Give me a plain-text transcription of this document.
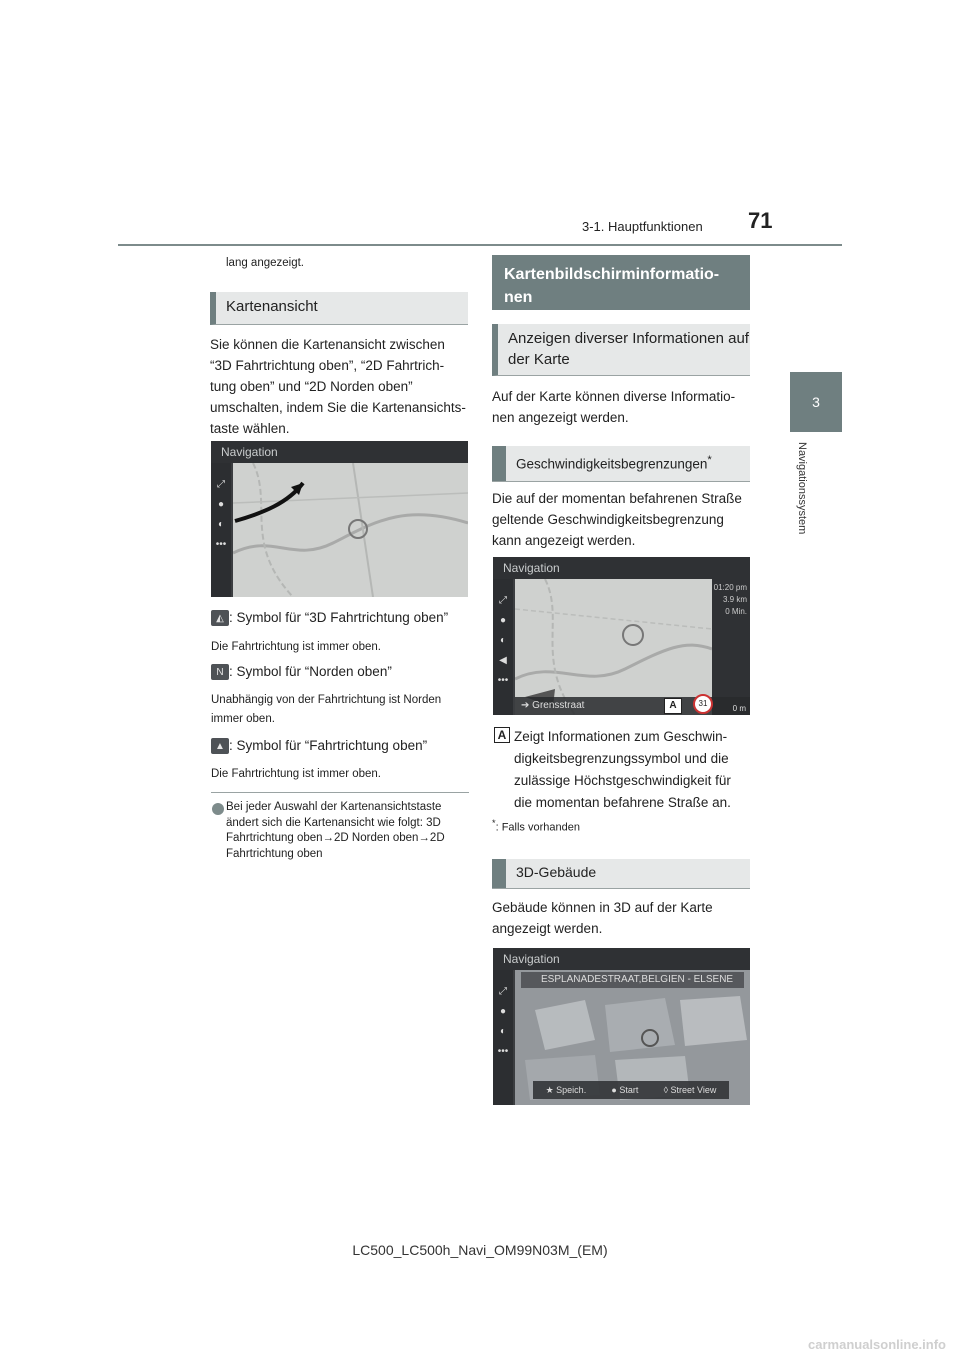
3-1. Hauptfunktionen 71
3
Navigationssystem
lang angezeigt.
Kartenansicht
Sie können die Kartenansicht zwischen “3D Fahrtrichtung oben”, “2D Fahrtrich-tung oben” und “2D Norden oben” umschalten, indem Sie die Kartenansichts-taste wählen.
Navigation
⤢
●
◐
•••
◭ : Symbol für “3D Fahrtrichtung oben”
Die Fahrtrichtung ist immer oben.
N : Symbol für “Norden oben”
Unabhängig von der Fahrtrichtung ist Norden immer oben.
▲ : Symbol für “Fahrtrichtung oben”
Die Fahrtrichtung ist immer oben.
Bei jeder Auswahl der Kartenansichtstaste ändert sich die Kartenansicht wie folgt: 3D Fahrtrichtung oben→2D Norden oben→2D Fahrtrichtung oben
Kartenbildschirminformatio-nen
Anzeigen diverser Informationen auf der Karte
Auf der Karte können diverse Informatio-nen angezeigt werden.
Geschwindigkeitsbegrenzungen*
Die auf der momentan befahrenen Straße geltende Geschwindigkeitsbegrenzung kann angezeigt werden.
Navigation
⤢
●
◐
◀
•••
01:20 pm
3.9 km
0 Min.
➔ Grensstraat	A	31
0 m
A Zeigt Informationen zum Geschwin-digkeitsbegrenzungssymbol und die zulässige Höchstgeschwindigkeit für die momentan befahrene Straße an.
*: Falls vorhanden
3D-Gebäude
Gebäude können in 3D auf der Karte angezeigt werden.
Navigation
⤢
●
◐
•••
ESPLANADESTRAAT,BELGIEN - ELSENE
★ Speich.	● Start	◊ Street View
LC500_LC500h_Navi_OM99N03M_(EM)
carmanualsonline.info
